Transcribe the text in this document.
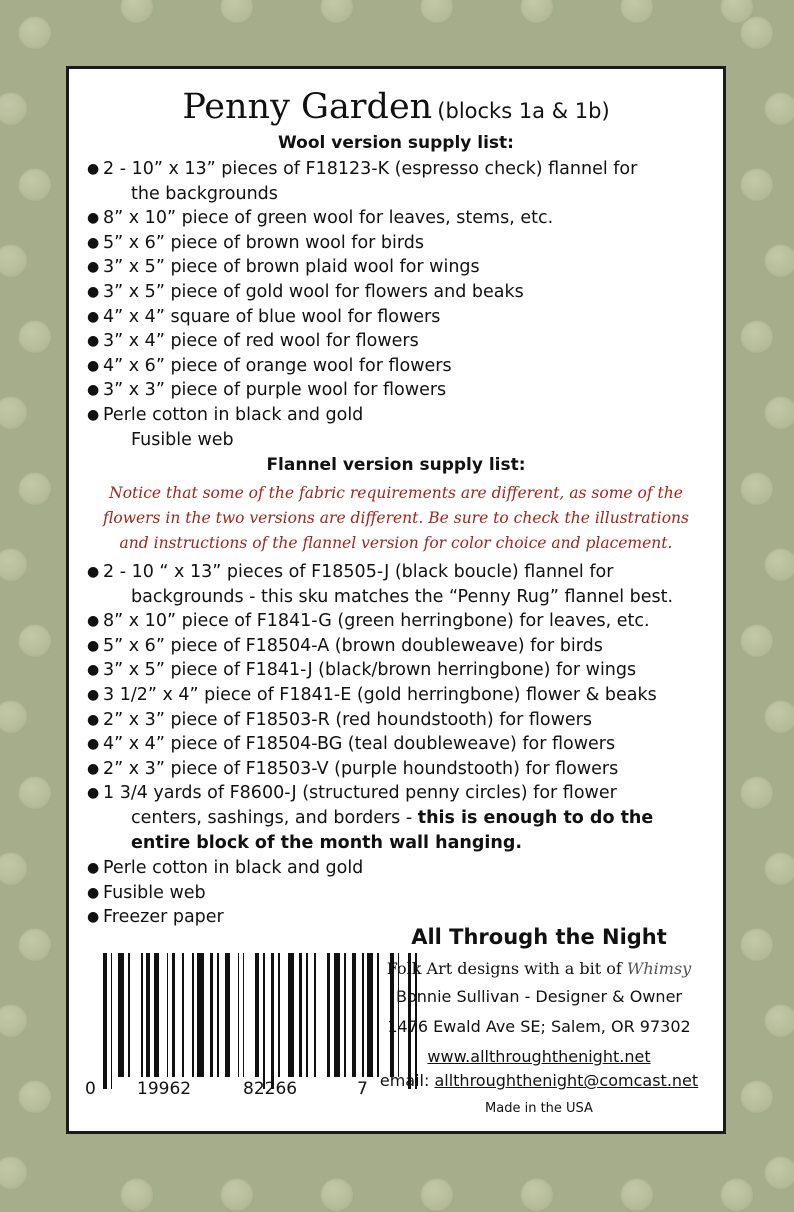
Penny Garden (blocks 1a & 1b)
Wool version supply list:
● 2 - 10” x 13” pieces of F18123-K (espresso check) flannel for
the backgrounds
● 8” x 10” piece of green wool for leaves, stems, etc.
● 5” x 6” piece of brown wool for birds
● 3” x 5” piece of brown plaid wool for wings
● 3” x 5” piece of gold wool for flowers and beaks
● 4” x 4” square of blue wool for flowers
● 3” x 4” piece of red wool for flowers
● 4” x 6” piece of orange wool for flowers
● 3” x 3” piece of purple wool for flowers
● Perle cotton in black and gold
Fusible web
Flannel version supply list:
Notice that some of the fabric requirements are different, as some of the
flowers in the two versions are different. Be sure to check the illustrations
and instructions of the flannel version for color choice and placement.
● 2 - 10 “ x 13” pieces of F18505-J (black boucle) flannel for
backgrounds - this sku matches the “Penny Rug” flannel best.
● 8” x 10” piece of F1841-G (green herringbone) for leaves, etc.
● 5” x 6” piece of F18504-A (brown doubleweave) for birds
● 3” x 5” piece of F1841-J (black/brown herringbone) for wings
● 3 1/2” x 4” piece of F1841-E (gold herringbone) flower & beaks
● 2” x 3” piece of F18503-R (red houndstooth) for flowers
● 4” x 4” piece of F18504-BG (teal doubleweave) for flowers
● 2” x 3” piece of F18503-V (purple houndstooth) for flowers
● 1 3/4 yards of F8600-J (structured penny circles) for flower
centers, sashings, and borders - this is enough to do the
entire block of the month wall hanging.
● Perle cotton in black and gold
● Fusible web
● Freezer paper
0 19962	82266	7
All Through the Night
Folk Art designs with a bit of Whimsy
Bonnie Sullivan - Designer & Owner
1476 Ewald Ave SE; Salem, OR 97302
www.allthroughthenight.net
email: allthroughthenight@comcast.net
Made in the USA
